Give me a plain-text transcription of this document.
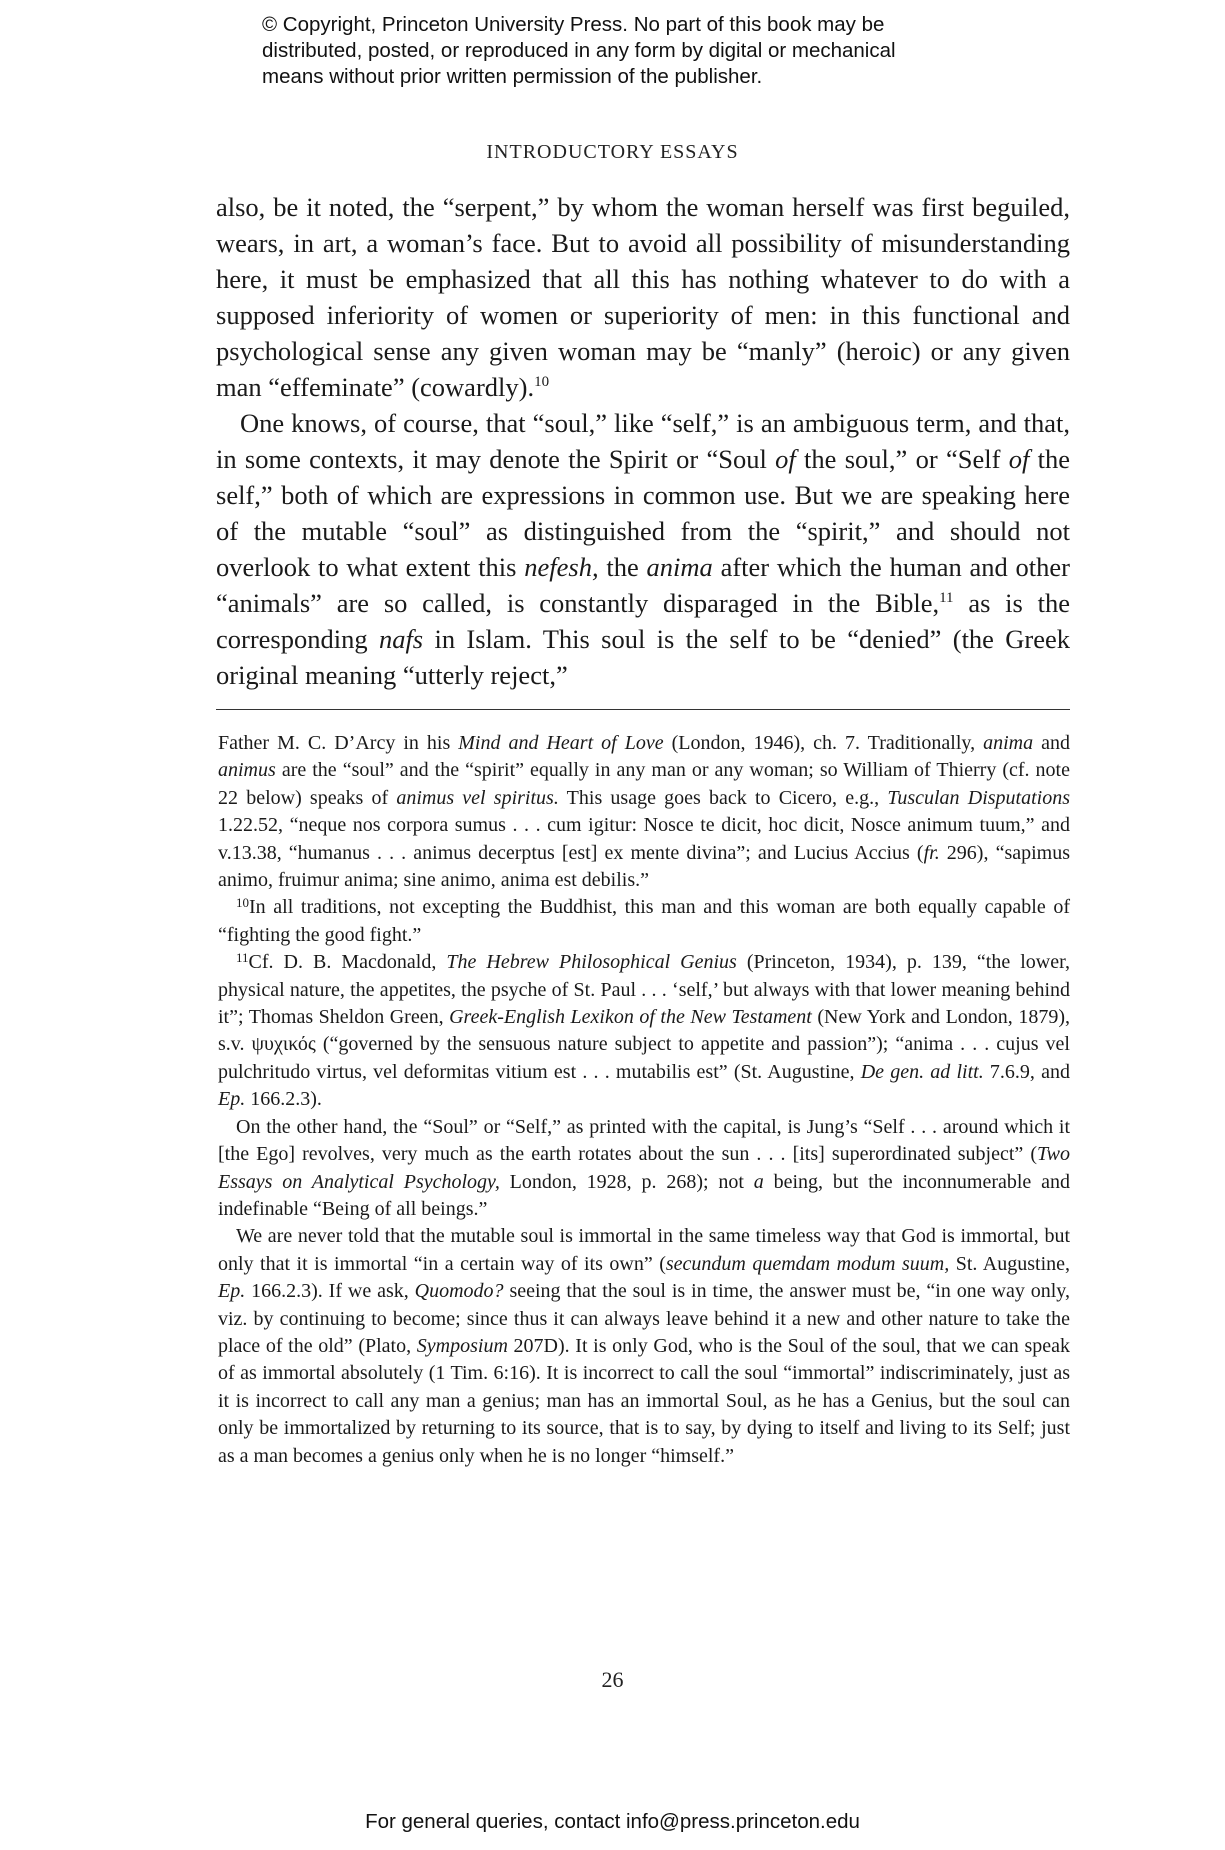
© Copyright, Princeton University Press. No part of this book may be
distributed, posted, or reproduced in any form by digital or mechanical
means without prior written permission of the publisher.
INTRODUCTORY ESSAYS

also, be it noted, the “serpent,” by whom the woman herself was first beguiled, wears, in art, a woman’s face. But to avoid all possibility of misunderstanding here, it must be emphasized that all this has nothing whatever to do with a supposed inferiority of women or superiority of men: in this functional and psychological sense any given woman may be “manly” (heroic) or any given man “effeminate” (cowardly).$^{10}$

One knows, of course, that “soul,” like “self,” is an ambiguous term, and that, in some contexts, it may denote the Spirit or “Soul of the soul,” or “Self of the self,” both of which are expressions in common use. But we are speaking here of the mutable “soul” as distinguished from the “spirit,” and should not overlook to what extent this nefesh, the anima after which the human and other “animals” are so called, is constantly disparaged in the Bible,$^{11}$ as is the corresponding nafs in Islam. This soul is the self to be “denied” (the Greek original meaning “utterly reject,”

Father M. C. D’Arcy in his Mind and Heart of Love (London, 1946), ch. 7. Traditionally, anima and animus are the “soul” and the “spirit” equally in any man or any woman; so William of Thierry (cf. note 22 below) speaks of animus vel spiritus. This usage goes back to Cicero, e.g., Tusculan Disputations 1.22.52, “neque nos corpora sumus . . . cum igitur: Nosce te dicit, hoc dicit, Nosce animum tuum,” and v.13.38, “humanus . . . animus decerptus [est] ex mente divina”; and Lucius Accius (fr. 296), “sapimus animo, fruimur anima; sine animo, anima est debilis.”

$^{10}$In all traditions, not excepting the Buddhist, this man and this woman are both equally capable of “fighting the good fight.”

$^{11}$Cf. D. B. Macdonald, The Hebrew Philosophical Genius (Princeton, 1934), p. 139, “the lower, physical nature, the appetites, the psyche of St. Paul . . . ‘self,’ but always with that lower meaning behind it”; Thomas Sheldon Green, Greek-English Lexikon of the New Testament (New York and London, 1879), s.v. ψυχικός (“governed by the sensuous nature subject to appetite and passion”); “anima . . . cujus vel pulchritudo virtus, vel deformitas vitium est . . . mutabilis est” (St. Augustine, De gen. ad litt. 7.6.9, and Ep. 166.2.3).

On the other hand, the “Soul” or “Self,” as printed with the capital, is Jung’s “Self . . . around which it [the Ego] revolves, very much as the earth rotates about the sun . . . [its] superordinated subject” (Two Essays on Analytical Psychology, London, 1928, p. 268); not a being, but the inconnumerable and indefinable “Being of all beings.”

We are never told that the mutable soul is immortal in the same timeless way that God is immortal, but only that it is immortal “in a certain way of its own” (secundum quemdam modum suum, St. Augustine, Ep. 166.2.3). If we ask, Quomodo? seeing that the soul is in time, the answer must be, “in one way only, viz. by continuing to become; since thus it can always leave behind it a new and other nature to take the place of the old” (Plato, Symposium 207D). It is only God, who is the Soul of the soul, that we can speak of as immortal absolutely (1 Tim. 6:16). It is incorrect to call the soul “immortal” indiscriminately, just as it is incorrect to call any man a genius; man has an immortal Soul, as he has a Genius, but the soul can only be immortalized by returning to its source, that is to say, by dying to itself and living to its Self; just as a man becomes a genius only when he is no longer “himself.”

26
For general queries, contact info@press.princeton.edu
